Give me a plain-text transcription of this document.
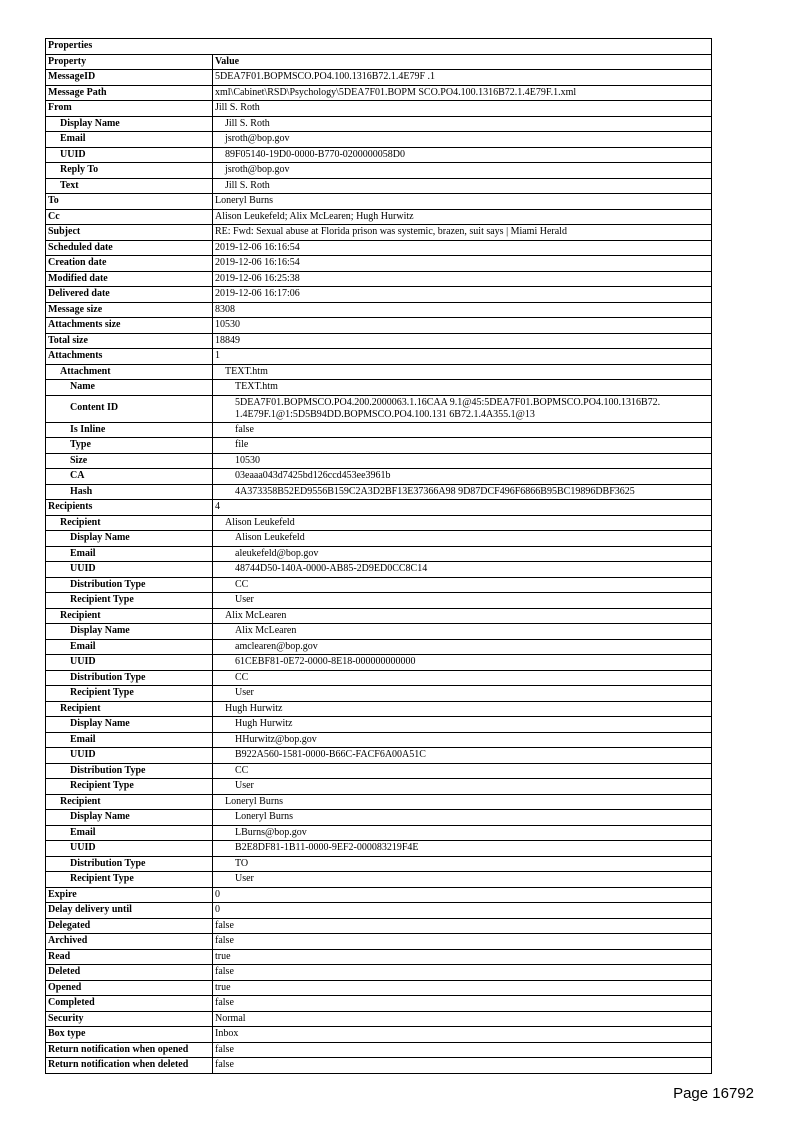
Properties	
Property	Value
MessageID	5DEA7F01.BOPMSCO.PO4.100.1316B72.1.4E79F .1
Message Path	xml\Cabinet\RSD\Psychology\5DEA7F01.BOPM SCO.PO4.100.1316B72.1.4E79F.1.xml
From	Jill S. Roth
Display Name	Jill S. Roth
Email	jsroth@bop.gov
UUID	89F05140-19D0-0000-B770-0200000058D0
Reply To	jsroth@bop.gov
Text	Jill S. Roth
To	Loneryl Burns
Cc	Alison Leukefeld; Alix McLearen; Hugh Hurwitz
Subject	RE: Fwd: Sexual abuse at Florida prison was systemic, brazen, suit says | Miami Herald
Scheduled date	2019-12-06 16:16:54
Creation date	2019-12-06 16:16:54
Modified date	2019-12-06 16:25:38
Delivered date	2019-12-06 16:17:06
Message size	8308
Attachments size	10530
Total size	18849
Attachments	1
Attachment	TEXT.htm
Name	TEXT.htm
Content ID	5DEA7F01.BOPMSCO.PO4.200.2000063.1.16CAA 9.1@45:5DEA7F01.BOPMSCO.PO4.100.1316B72. 1.4E79F.1@1:5D5B94DD.BOPMSCO.PO4.100.131 6B72.1.4A355.1@13
Is Inline	false
Type	file
Size	10530
CA	03eaaa043d7425bd126ccd453ee3961b
Hash	4A373358B52ED9556B159C2A3D2BF13E37366A98 9D87DCF496F6866B95BC19896DBF3625
Recipients	4
Recipient	Alison Leukefeld
Display Name	Alison Leukefeld
Email	aleukefeld@bop.gov
UUID	48744D50-140A-0000-AB85-2D9ED0CC8C14
Distribution Type	CC
Recipient Type	User
Recipient	Alix McLearen
Display Name	Alix McLearen
Email	amclearen@bop.gov
UUID	61CEBF81-0E72-0000-8E18-000000000000
Distribution Type	CC
Recipient Type	User
Recipient	Hugh Hurwitz
Display Name	Hugh Hurwitz
Email	HHurwitz@bop.gov
UUID	B922A560-1581-0000-B66C-FACF6A00A51C
Distribution Type	CC
Recipient Type	User
Recipient	Loneryl Burns
Display Name	Loneryl Burns
Email	LBurns@bop.gov
UUID	B2E8DF81-1B11-0000-9EF2-000083219F4E
Distribution Type	TO
Recipient Type	User
Expire	0
Delay delivery until	0
Delegated	false
Archived	false
Read	true
Deleted	false
Opened	true
Completed	false
Security	Normal
Box type	Inbox
Return notification when opened	false
Return notification when deleted	false
Page 16792
